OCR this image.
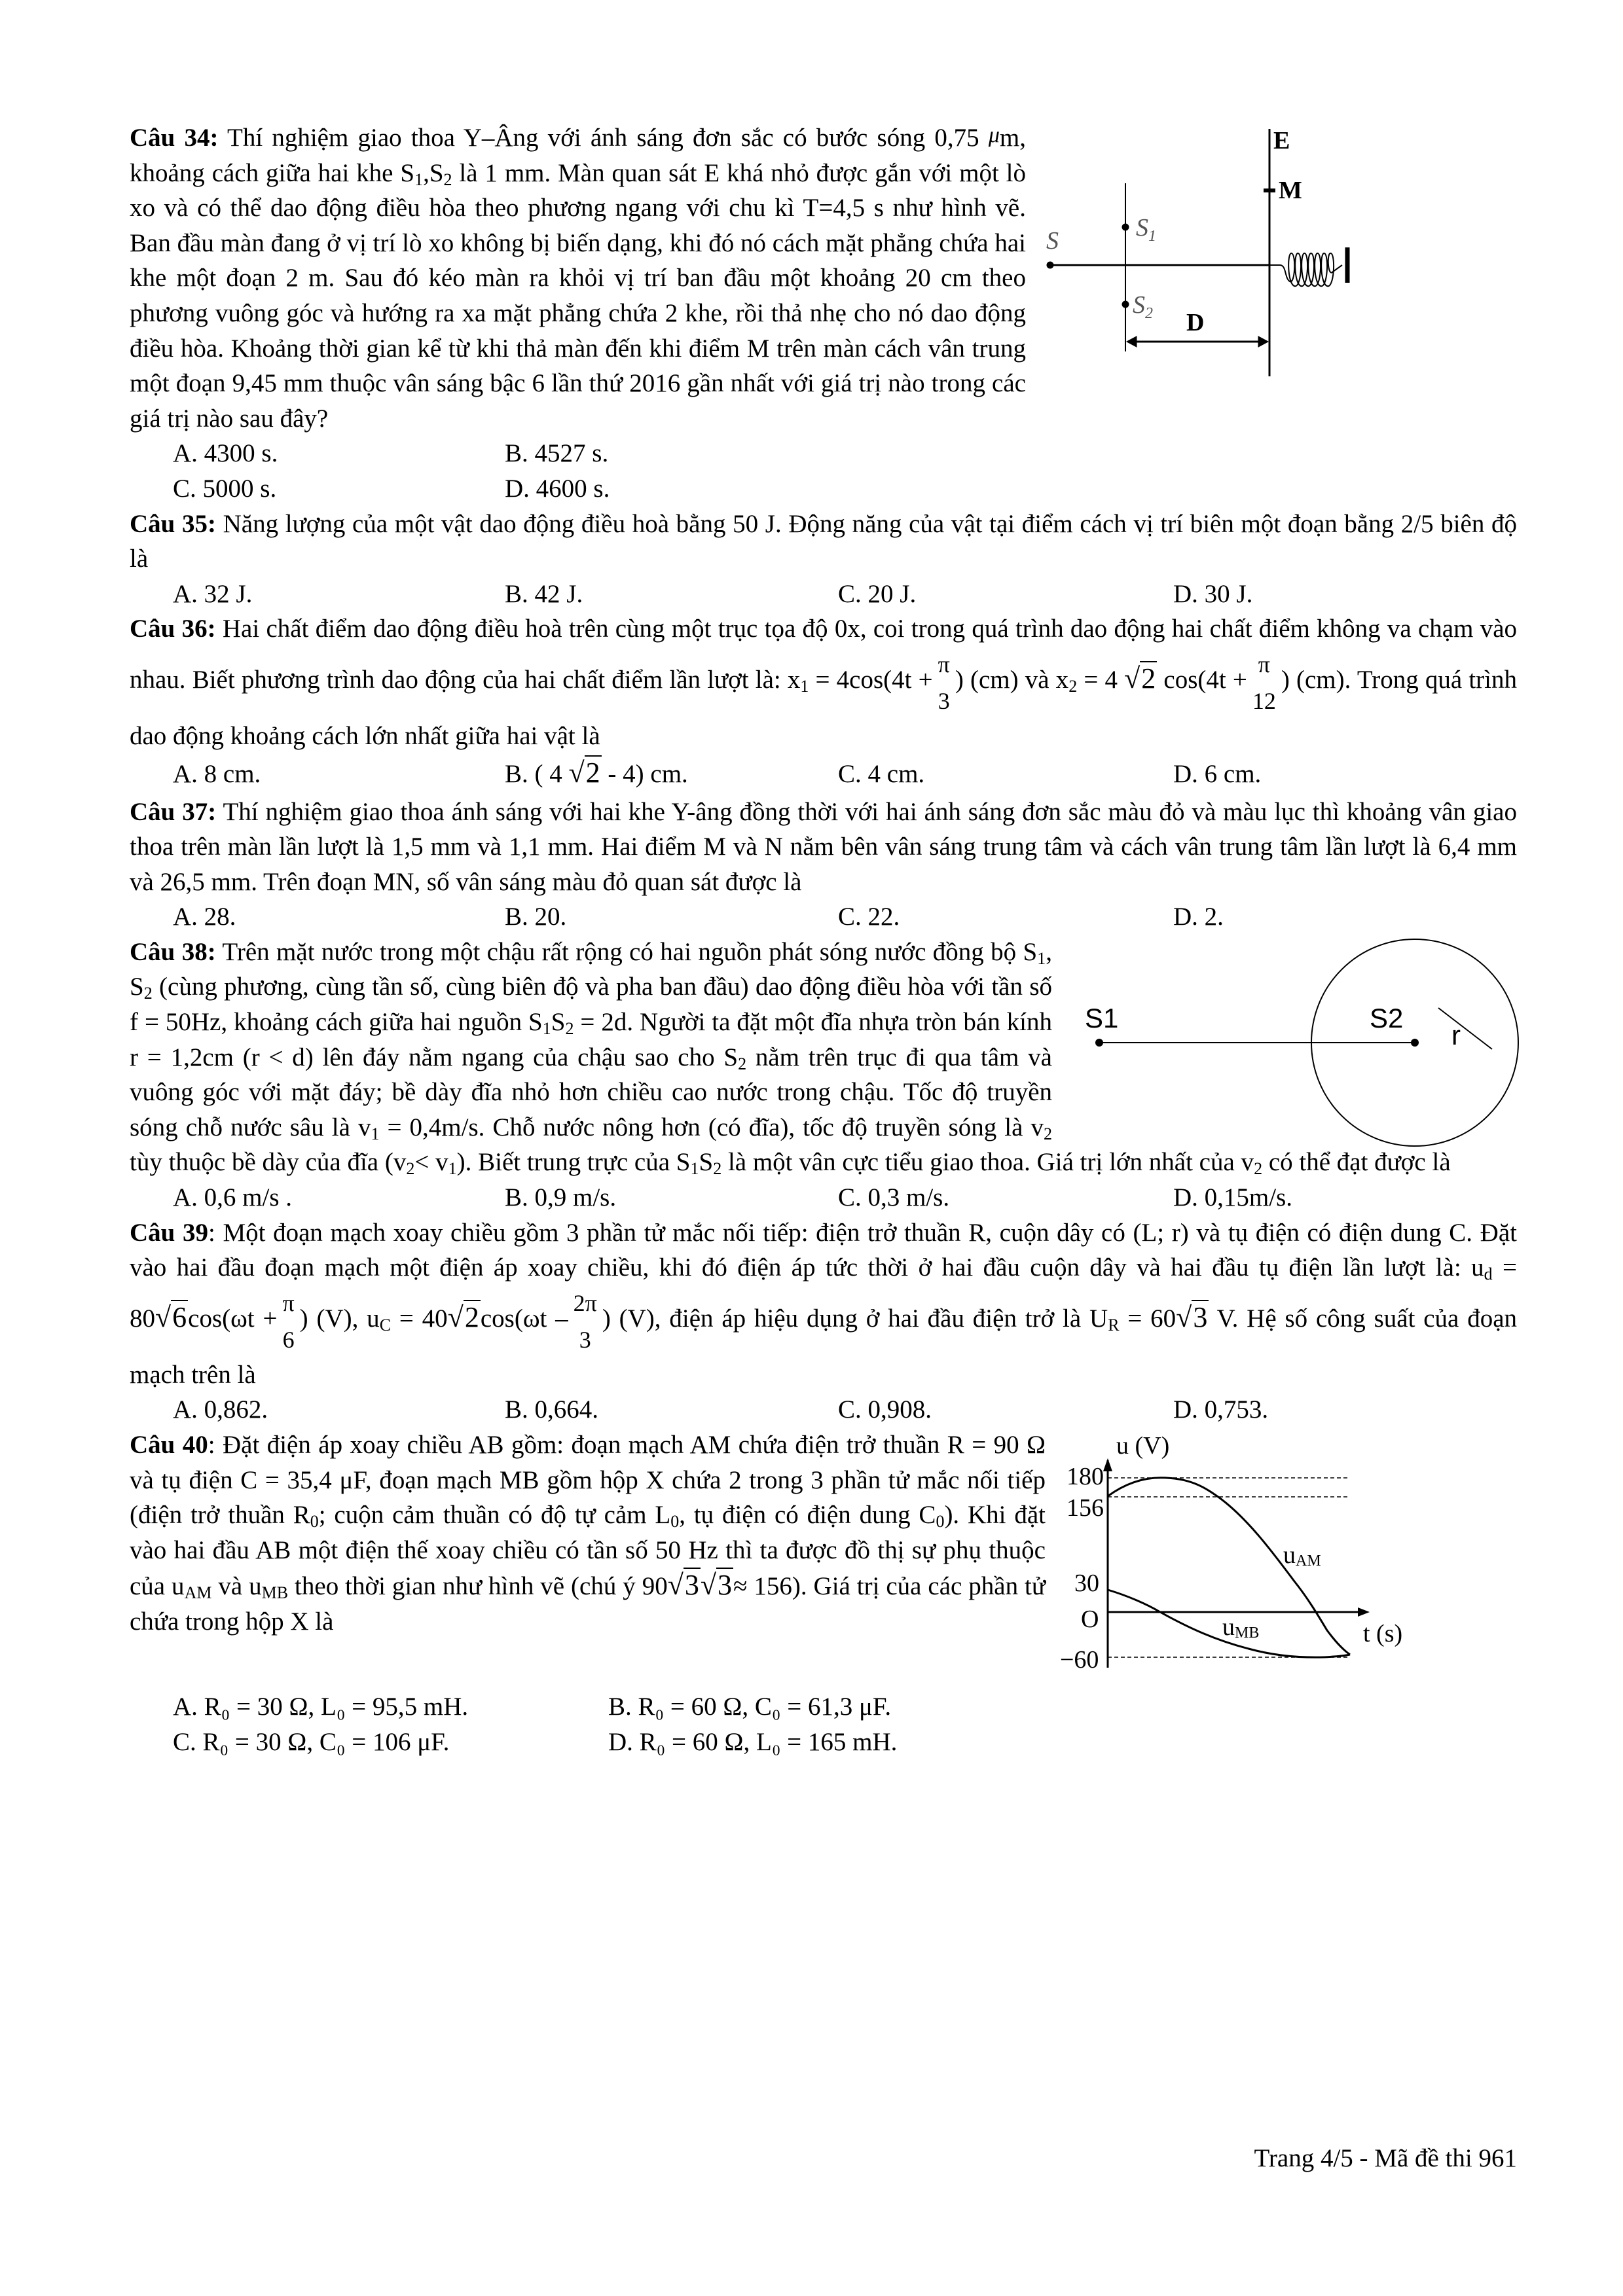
E
M
S	$S_1$
$S_2$ D
Câu 34: Thí nghiệm giao thoa Y–Âng với ánh sáng đơn sắc có bước sóng 0,75 μm, khoảng cách giữa hai khe $S_1,S_2$ là 1 mm. Màn quan sát E khá nhỏ được gắn với một lò xo và có thể dao động điều hòa theo phương ngang với chu kì T=4,5 s như hình vẽ. Ban đầu màn đang ở vị trí lò xo không bị biến dạng, khi đó nó cách mặt phẳng chứa hai khe một đoạn 2 m. Sau đó kéo màn ra khỏi vị trí ban đầu một khoảng 20 cm theo phương vuông góc và hướng ra xa mặt phẳng chứa 2 khe, rồi thả nhẹ cho nó dao động điều hòa. Khoảng thời gian kể từ khi thả màn đến khi điểm M trên màn cách vân trung một đoạn 9,45 mm thuộc vân sáng bậc 6 lần thứ 2016 gần nhất với giá trị nào trong các giá trị nào sau đây?
A. 4300 s.	B. 4527 s.
C. 5000 s.	D. 4600 s.
Câu 35: Năng lượng của một vật dao động điều hoà bằng 50 J. Động năng của vật tại điểm cách vị trí biên một đoạn bằng 2/5 biên độ là
A. 32 J.	B. 42 J.	C. 20 J.	D. 30 J.
Câu 36: Hai chất điểm dao động điều hoà trên cùng một trục tọa độ 0x, coi trong quá trình dao động hai chất điểm không va chạm vào nhau. Biết phương trình dao động của hai chất điểm lần lượt là: $x_1 = 4\cos(4t$ +
π
3
) (cm) và $x_2 = 4$ √2 cos(4t +
π
12
) (cm). Trong quá trình dao động khoảng cách lớn nhất giữa hai vật là
A. 8 cm.	B. ( 4 √2 - 4) cm.	C. 4 cm.	D. 6 cm.
Câu 37: Thí nghiệm giao thoa ánh sáng với hai khe Y-âng đồng thời với hai ánh sáng đơn sắc màu đỏ và màu lục thì khoảng vân giao thoa trên màn lần lượt là 1,5 mm và 1,1 mm. Hai điểm M và N nằm bên vân sáng trung tâm và cách vân trung tâm lần lượt là 6,4 mm và 26,5 mm. Trên đoạn MN, số vân sáng màu đỏ quan sát được là
A. 28.	B. 20.	C. 22.	D. 2.
S1	S2
r
Câu 38: Trên mặt nước trong một chậu rất rộng có hai nguồn phát sóng nước đồng bộ $S_1$, $S_2$ (cùng phương, cùng tần số, cùng biên độ và pha ban đầu) dao động điều hòa với tần số f = 50Hz, khoảng cách giữa hai nguồn $S_1S_2 = 2d$. Người ta đặt một đĩa nhựa tròn bán kính r = 1,2cm (r < d) lên đáy nằm ngang của chậu sao cho $S_2$ nằm trên trục đi qua tâm và vuông góc với mặt đáy; bề dày đĩa nhỏ hơn chiều cao nước trong chậu. Tốc độ truyền sóng chỗ nước sâu là $v_1 = 0,4m/s$. Chỗ nước nông hơn (có đĩa), tốc độ truyền sóng là $v_2$ tùy thuộc bề dày của đĩa $(v_2< v_1)$. Biết trung trực của $S_1S_2$ là một vân cực tiểu giao thoa. Giá trị lớn nhất của $v_2$ có thể đạt được là
A. 0,6 m/s .	B. 0,9 m/s.	C. 0,3 m/s.	D. 0,15m/s.
Câu 39: Một đoạn mạch xoay chiều gồm 3 phần tử mắc nối tiếp: điện trở thuần R, cuộn dây có (L; r) và tụ điện có điện dung C. Đặt vào hai đầu đoạn mạch một điện áp xoay chiều, khi đó điện áp tức thời ở hai đầu cuộn dây và hai đầu tụ điện lần lượt là: $u_d = 80√6\cos(\omega t$ +
π
6
) (V), $u_C = 40√2\cos(\omega t$ –
2π
3
) (V), điện áp hiệu dụng ở hai đầu điện trở là $U_R = 60√3$ V. Hệ số công suất của đoạn mạch trên là
A. 0,862.	B. 0,664.	C. 0,908.	D. 0,753.
u (V)
t (s)
180
156
30
O
−60
uAM
uMB
Câu 40: Đặt điện áp xoay chiều AB gồm: đoạn mạch AM chứa điện trở thuần R = 90 Ω và tụ điện C = 35,4 μF, đoạn mạch MB gồm hộp X chứa 2 trong 3 phần tử mắc nối tiếp (điện trở thuần $R_0$; cuộn cảm thuần có độ tự cảm $L_0$, tụ điện có điện dung $C_0$). Khi đặt vào hai đầu AB một điện thế xoay chiều có tần số 50 Hz thì ta được đồ thị sự phụ thuộc của $u_{AM}$ và $u_{MB}$ theo thời gian như hình vẽ (chú ý 90√3√3≈ 156). Giá trị của các phần tử chứa trong hộp X là
A. R₀ = 30 Ω, L₀ = 95,5 mH.	B. R₀ = 60 Ω, C₀ = 61,3 μF.
C. R₀ = 30 Ω, C₀ = 106 μF.	D. R₀ = 60 Ω, L₀ = 165 mH.
Trang 4/5 - Mã đề thi 961
